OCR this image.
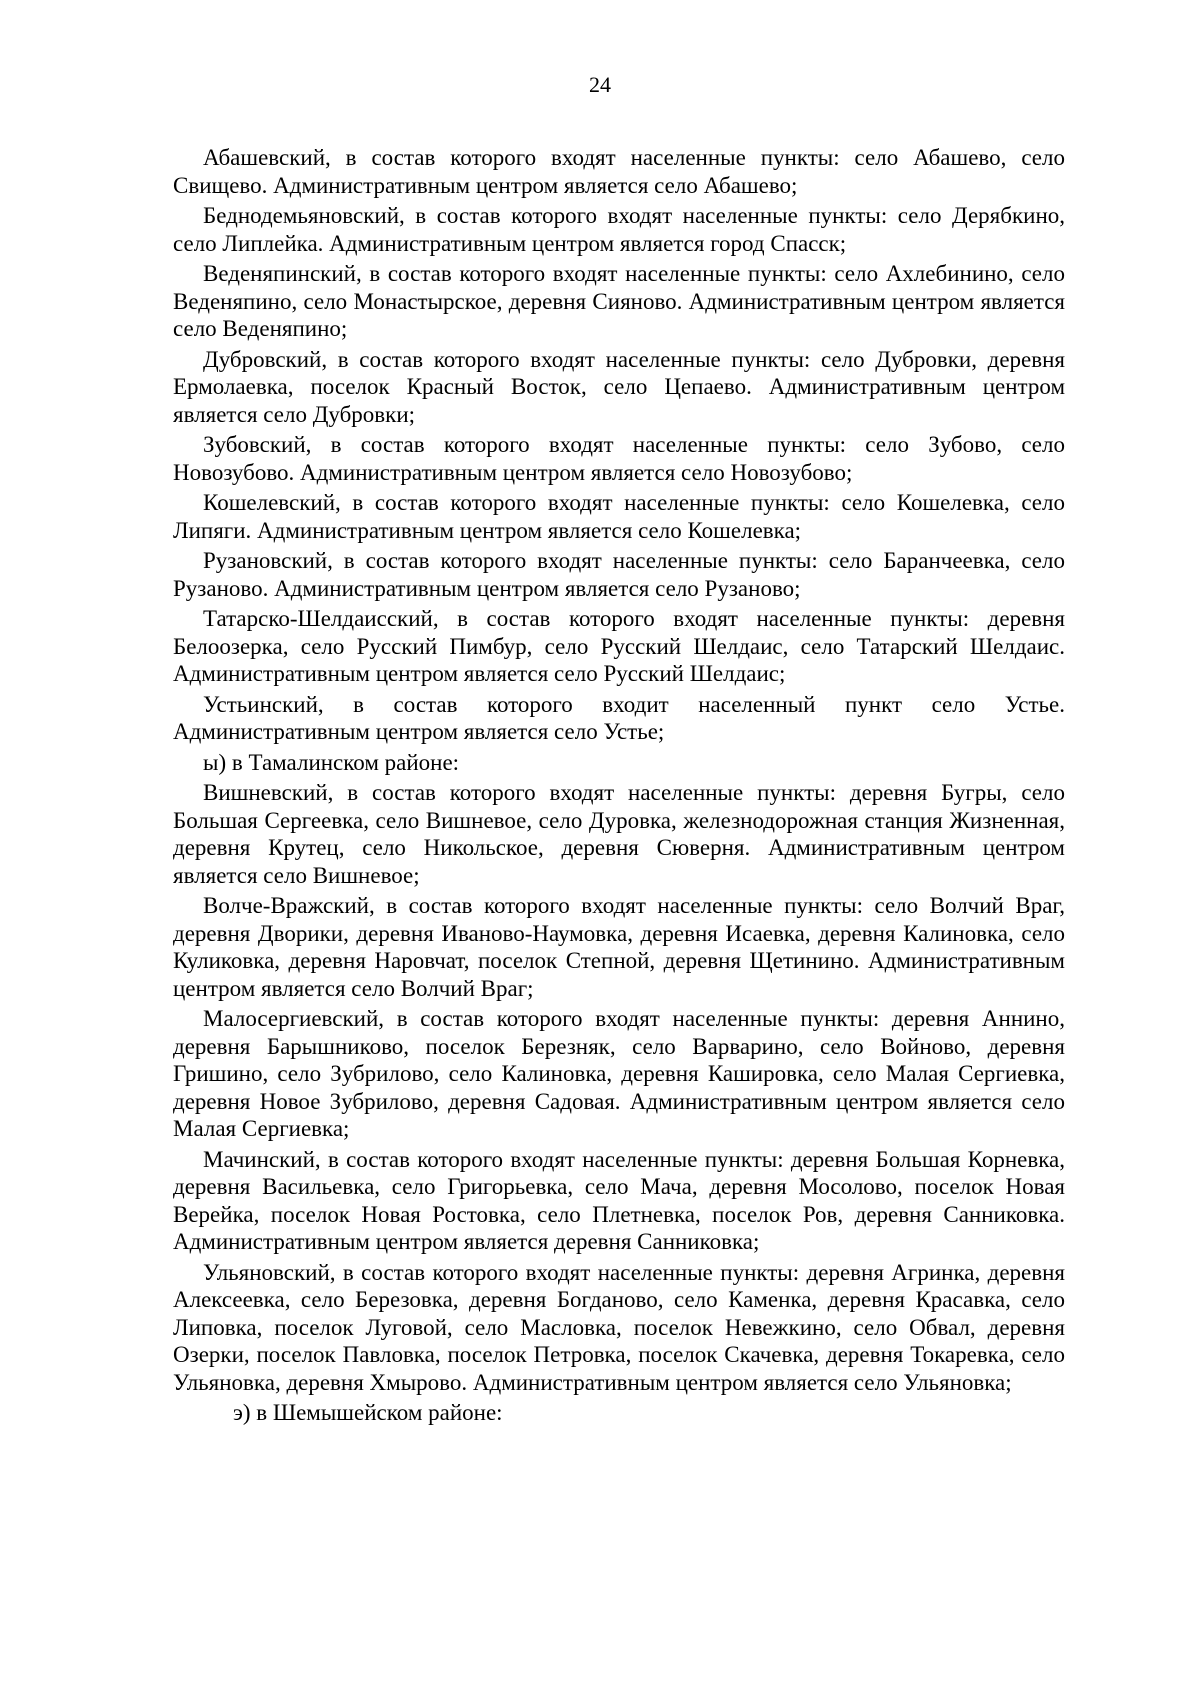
24

Абашевский, в состав которого входят населенные пункты: село Абашево, село Свищево. Административным центром является село Абашево;

Беднодемьяновский, в состав которого входят населенные пункты: село Дерябкино, село Липлейка. Административным центром является город Спасск;

Веденяпинский, в состав которого входят населенные пункты: село Ахлебинино, село Веденяпино, село Монастырское, деревня Сияново. Административным центром является село Веденяпино;

Дубровский, в состав которого входят населенные пункты: село Дубровки, деревня Ермолаевка, поселок Красный Восток, село Цепаево. Административным центром является село Дубровки;

Зубовский, в состав которого входят населенные пункты: село Зубово, село Новозубово. Административным центром является село Новозубово;

Кошелевский, в состав которого входят населенные пункты: село Кошелевка, село Липяги. Административным центром является село Кошелевка;

Рузановский, в состав которого входят населенные пункты: село Баранчеевка, село Рузаново. Административным центром является село Рузаново;

Татарско-Шелдаисский, в состав которого входят населенные пункты: деревня Белоозерка, село Русский Пимбур, село Русский Шелдаис, село Татарский Шелдаис. Административным центром является село Русский Шелдаис;

Устьинский, в состав которого входит населенный пункт село Устье. Административным центром является село Устье;

ы) в Тамалинском районе:

Вишневский, в состав которого входят населенные пункты: деревня Бугры, село Большая Сергеевка, село Вишневое, село Дуровка, железнодорожная станция Жизненная, деревня Крутец, село Никольское, деревня Сюверня. Административным центром является село Вишневое;

Волче-Вражский, в состав которого входят населенные пункты: село Волчий Враг, деревня Дворики, деревня Иваново-Наумовка, деревня Исаевка, деревня Калиновка, село Куликовка, деревня Наровчат, поселок Степной, деревня Щетинино. Административным центром является село Волчий Враг;

Малосергиевский, в состав которого входят населенные пункты: деревня Аннино, деревня Барышниково, поселок Березняк, село Варварино, село Войново, деревня Гришино, село Зубрилово, село Калиновка, деревня Кашировка, село Малая Сергиевка, деревня Новое Зубрилово, деревня Садовая. Административным центром является село Малая Сергиевка;

Мачинский, в состав которого входят населенные пункты: деревня Большая Корневка, деревня Васильевка, село Григорьевка, село Мача, деревня Мосолово, поселок Новая Верейка, поселок Новая Ростовка, село Плетневка, поселок Ров, деревня Санниковка. Административным центром является деревня Санниковка;

Ульяновский, в состав которого входят населенные пункты: деревня Агринка, деревня Алексеевка, село Березовка, деревня Богданово, село Каменка, деревня Красавка, село Липовка, поселок Луговой, село Масловка, поселок Невежкино, село Обвал, деревня Озерки, поселок Павловка, поселок Петровка, поселок Скачевка, деревня Токаревка, село Ульяновка, деревня Хмырово. Административным центром является село Ульяновка;

э) в Шемышейском районе:
